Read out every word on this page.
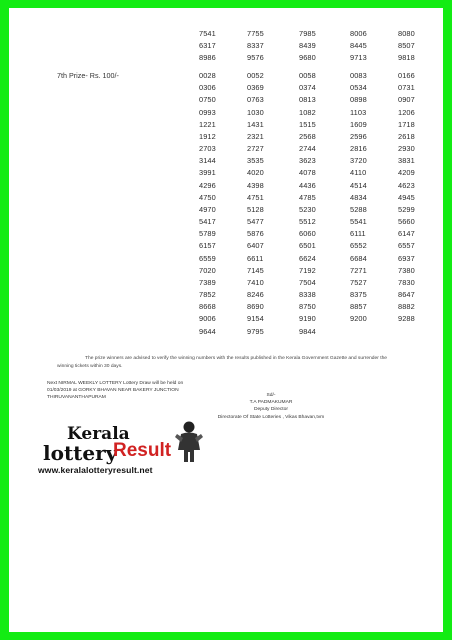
7541	7755	7985	8006	8080
6317	8337	8439	8445	8507
8986	9576	9680	9713	9818
7th Prize- Rs. 100/-	0028	0052	0058	0083	0166
0306	0369	0374	0534	0731
0750	0763	0813	0898	0907
0993	1030	1082	1103	1206
1221	1431	1515	1609	1718
1912	2321	2568	2596	2618
2703	2727	2744	2816	2930
3144	3535	3623	3720	3831
3991	4020	4078	4110	4209
4296	4398	4436	4514	4623
4750	4751	4785	4834	4945
4970	5128	5230	5288	5299
5417	5477	5512	5541	5660
5789	5876	6060	6111	6147
6157	6407	6501	6552	6557
6559	6611	6624	6684	6937
7020	7145	7192	7271	7380
7389	7410	7504	7527	7830
7852	8246	8338	8375	8647
8668	8690	8750	8857	8882
9006	9154	9190	9200	9288
9644	9795	9844
The prize winners are advised to verify the winning numbers with the results published in the Kerala Government Gazette and surrender the winning tickets within 30 days.
Next NIRMAL WEEKLY LOTTERY Lottery Draw will be held on
01/03/2019 at GORKY BHAVAN NEAR BAKERY JUNCTION
THIRUVANANTHAPURAM	Sd/-
T.A PADMAKUMAR
Deputy Director
Directorate Of State Lotteries , Vikas Bhavan,tvm
Kerala
lottery
Result
www.keralalotteryresult.net
